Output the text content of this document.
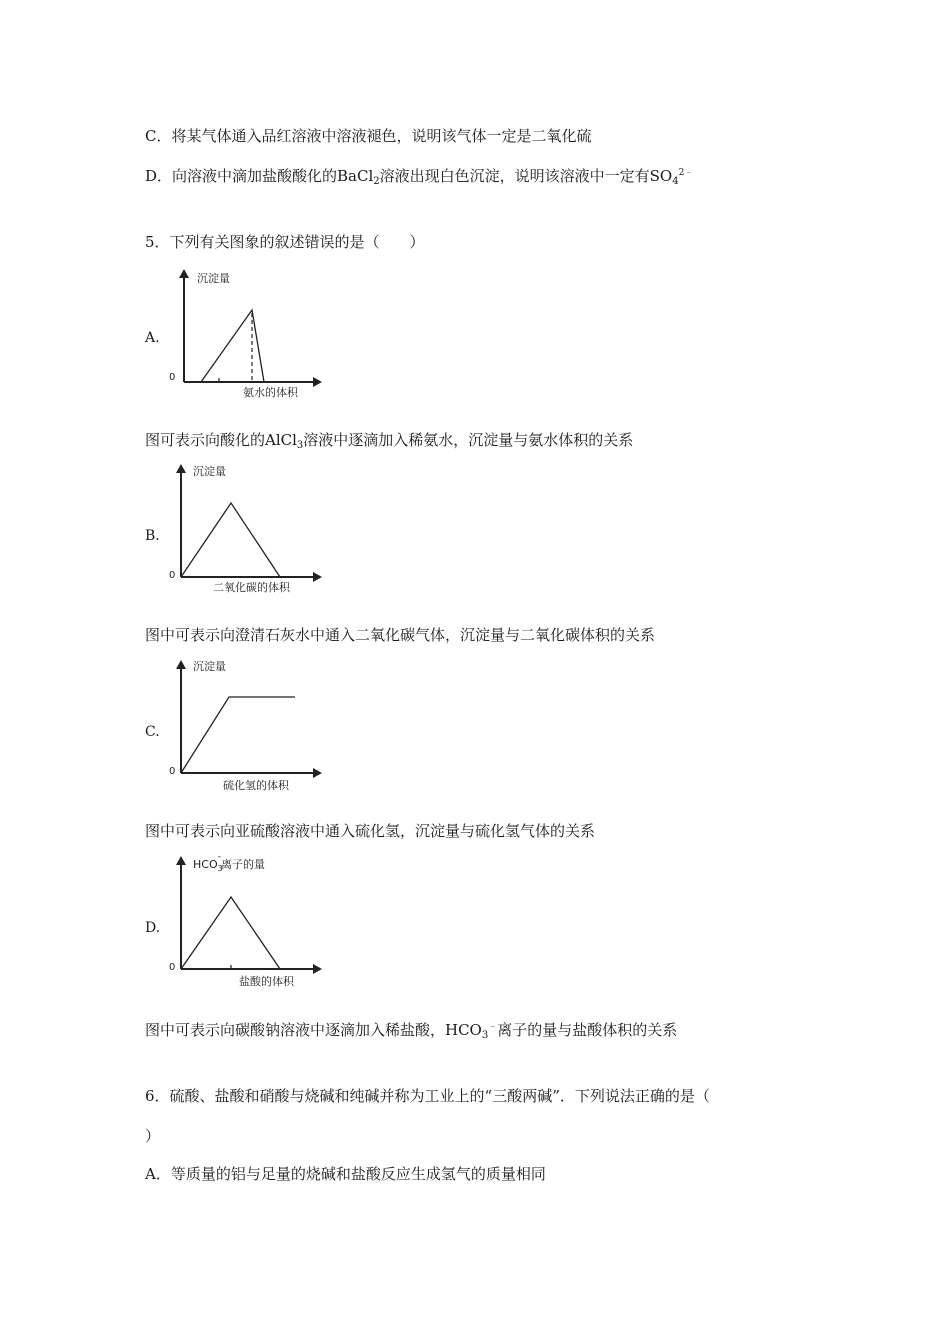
C．将某气体通入品红溶液中溶液褪色，说明该气体一定是二氧化硫
D．向溶液中滴加盐酸酸化的BaCl$_2$溶液出现白色沉淀，说明该溶液中一定有$SO_4^{2﹣}$
5．下列有关图象的叙述错误的是（　　）
A.
沉淀量
氨水的体积
0
图可表示向酸化的AlCl$_3$溶液中逐滴加入稀氨水，沉淀量与氨水体积的关系
B.
沉淀量
二氧化碳的体积
0
图中可表示向澄清石灰水中通入二氧化碳气体，沉淀量与二氧化碳体积的关系
C.
沉淀量
硫化氢的体积
0
图中可表示向亚硫酸溶液中通入硫化氢，沉淀量与硫化氢气体的关系
D.
$HCO_3-$离子的量
盐酸的体积
0
图中可表示向碳酸钠溶液中逐滴加入稀盐酸，$HCO_3^﹣$离子的量与盐酸体积的关系
6．硫酸、盐酸和硝酸与烧碱和纯碱并称为工业上的“三酸两碱”．下列说法正确的是（
）
A．等质量的铝与足量的烧碱和盐酸反应生成氢气的质量相同
